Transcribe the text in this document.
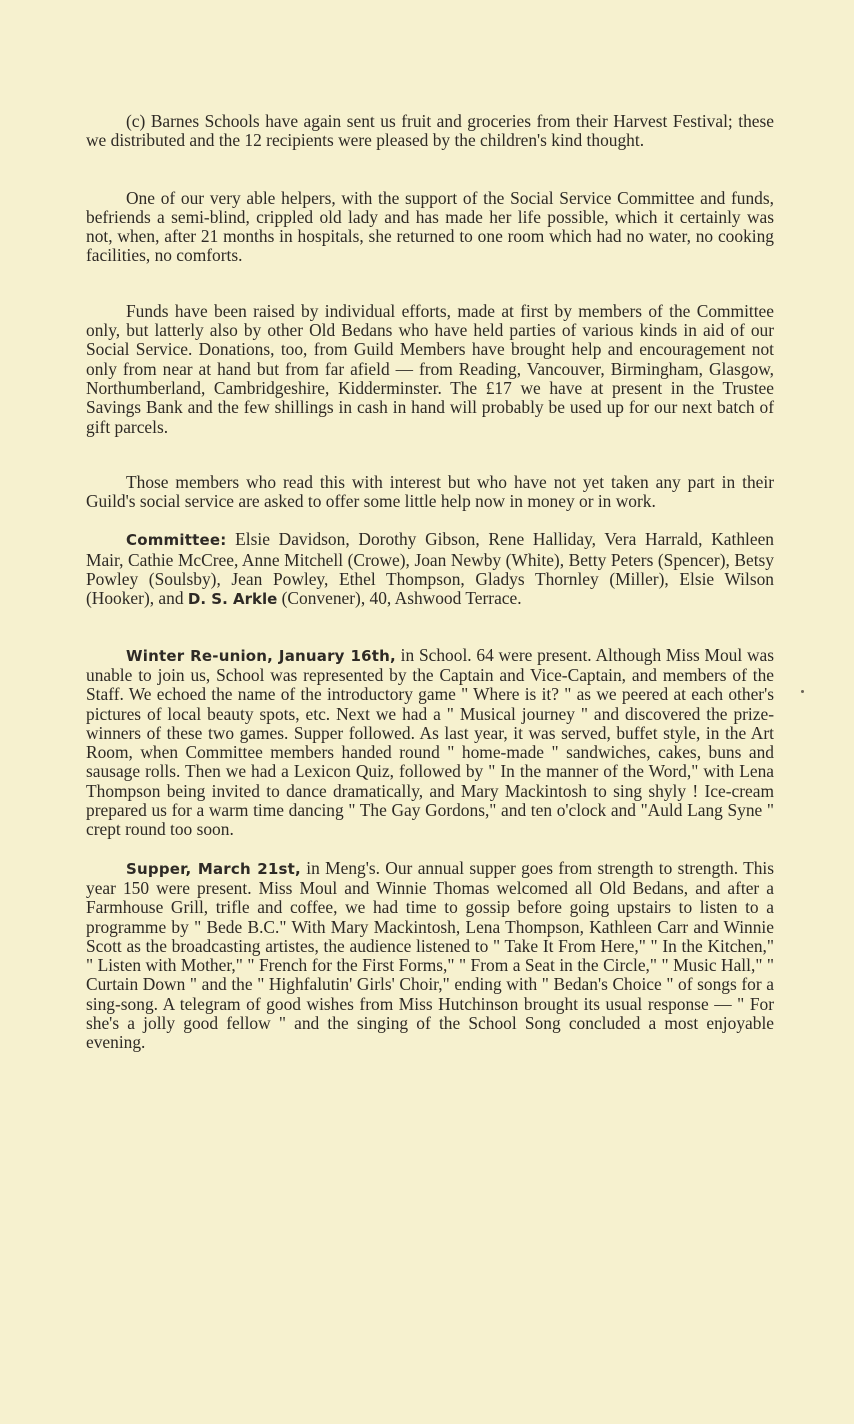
(c) Barnes Schools have again sent us fruit and groceries from their Harvest Festival; these we distributed and the 12 recipients were pleased by the children's kind thought.

One of our very able helpers, with the support of the Social Service Committee and funds, befriends a semi-blind, crippled old lady and has made her life possible, which it certainly was not, when, after 21 months in hospitals, she returned to one room which had no water, no cooking facilities, no comforts.

Funds have been raised by individual efforts, made at first by members of the Committee only, but latterly also by other Old Bedans who have held parties of various kinds in aid of our Social Service. Donations, too, from Guild Members have brought help and encouragement not only from near at hand but from far afield — from Reading, Vancouver, Birmingham, Glasgow, Northumberland, Cambridgeshire, Kidderminster. The £17 we have at present in the Trustee Savings Bank and the few shillings in cash in hand will probably be used up for our next batch of gift parcels.

Those members who read this with interest but who have not yet taken any part in their Guild's social service are asked to offer some little help now in money or in work.

Committee: Elsie Davidson, Dorothy Gibson, Rene Halliday, Vera Harrald, Kathleen Mair, Cathie McCree, Anne Mitchell (Crowe), Joan Newby (White), Betty Peters (Spencer), Betsy Powley (Soulsby), Jean Powley, Ethel Thompson, Gladys Thornley (Miller), Elsie Wilson (Hooker), and D. S. Arkle (Convener), 40, Ashwood Terrace.

Winter Re-union, January 16th, in School. 64 were present. Although Miss Moul was unable to join us, School was represented by the Captain and Vice-Captain, and members of the Staff. We echoed the name of the introductory game " Where is it? " as we peered at each other's pictures of local beauty spots, etc. Next we had a " Musical journey " and discovered the prize-winners of these two games. Supper followed. As last year, it was served, buffet style, in the Art Room, when Committee members handed round " home-made " sandwiches, cakes, buns and sausage rolls. Then we had a Lexicon Quiz, followed by " In the manner of the Word," with Lena Thompson being invited to dance dramatically, and Mary Mackintosh to sing shyly ! Ice-cream prepared us for a warm time dancing " The Gay Gordons," and ten o'clock and "Auld Lang Syne " crept round too soon.

Supper, March 21st, in Meng's. Our annual supper goes from strength to strength. This year 150 were present. Miss Moul and Winnie Thomas welcomed all Old Bedans, and after a Farmhouse Grill, trifle and coffee, we had time to gossip before going upstairs to listen to a programme by " Bede B.C." With Mary Mackintosh, Lena Thompson, Kathleen Carr and Winnie Scott as the broadcasting artistes, the audience listened to " Take It From Here," " In the Kitchen," " Listen with Mother," " French for the First Forms," " From a Seat in the Circle," " Music Hall," " Curtain Down " and the " Highfalutin' Girls' Choir," ending with " Bedan's Choice " of songs for a sing-song. A telegram of good wishes from Miss Hutchinson brought its usual response — " For she's a jolly good fellow " and the singing of the School Song concluded a most enjoyable evening.
